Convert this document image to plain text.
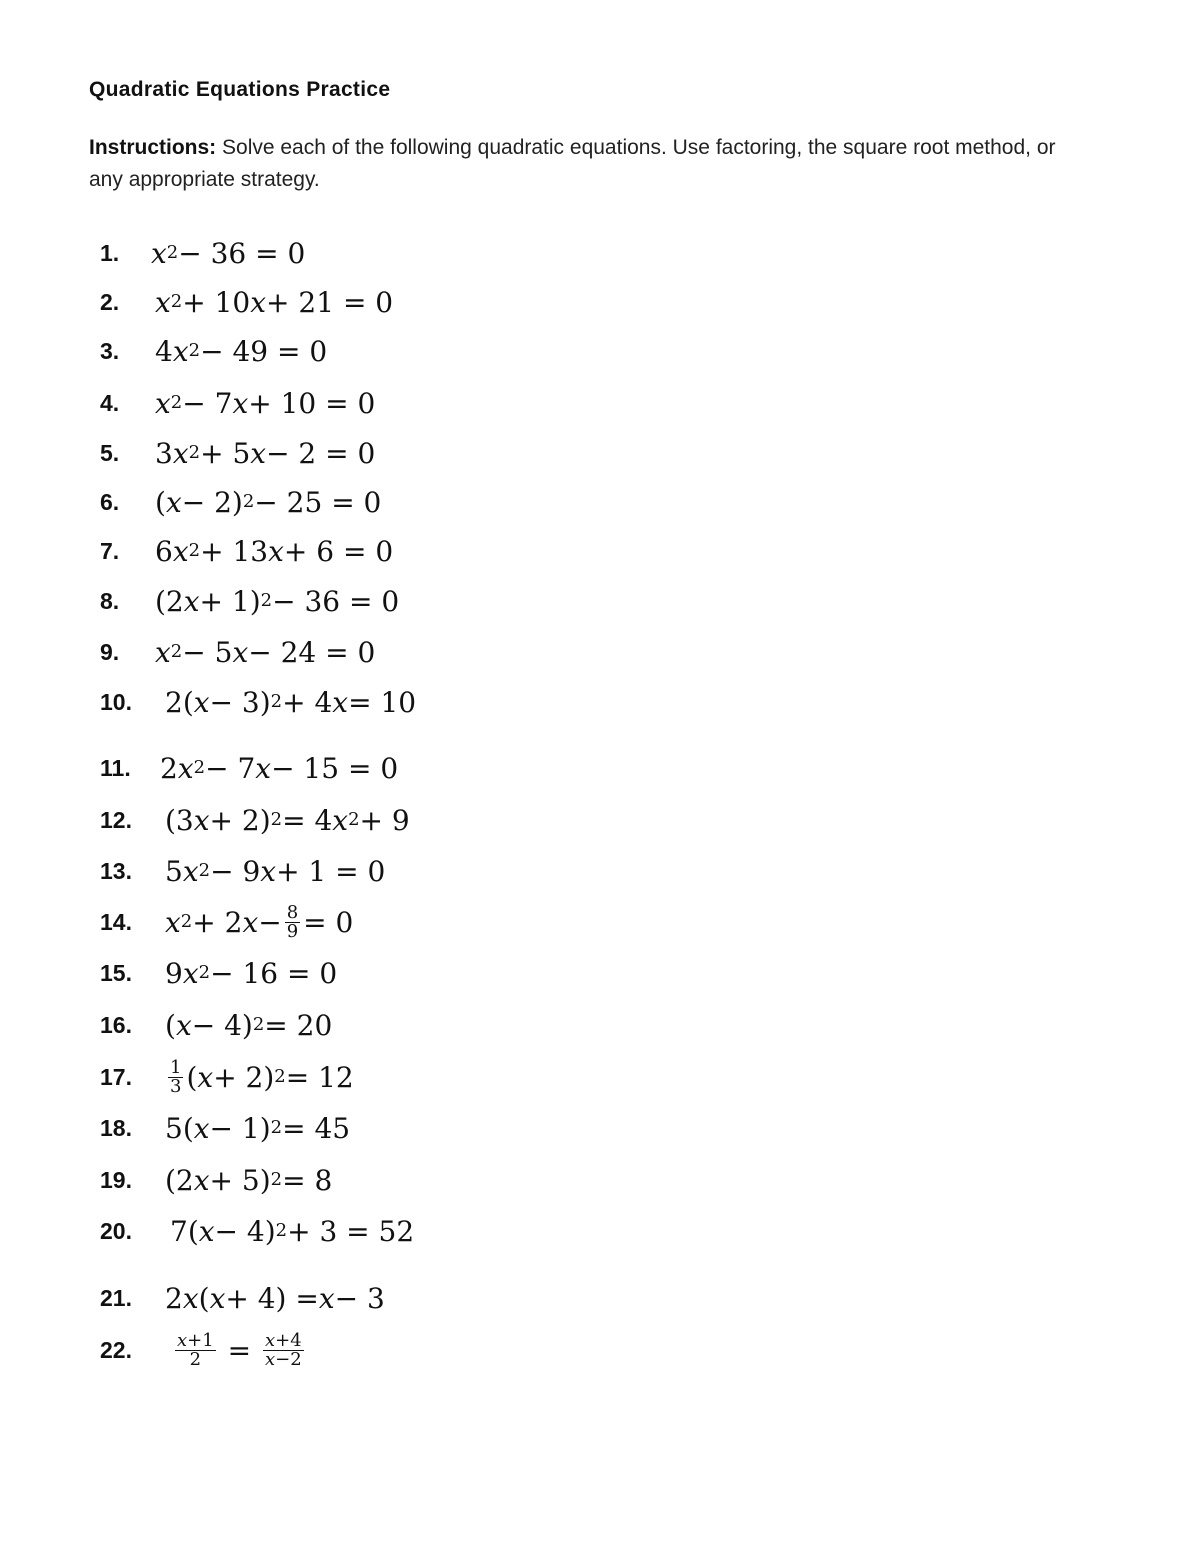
Quadratic Equations Practice
Instructions: Solve each of the following quadratic equations. Use factoring, the square root method, or any appropriate strategy.
1. x 2 − 36 = 0
2. x 2 + 10 x + 21 = 0
3. 4 x 2 − 49 = 0
4. x 2 − 7 x + 10 = 0
5. 3 x 2 + 5 x − 2 = 0
6. ( x − 2) 2 − 25 = 0
7. 6 x 2 + 13 x + 6 = 0
8. (2 x + 1) 2 − 36 = 0
9. x 2 − 5 x − 24 = 0
10. 2( x − 3) 2 + 4 x = 10
11. 2 x 2 − 7 x − 15 = 0
12. (3 x + 2) 2 = 4 x 2 + 9
13. 5 x 2 − 9 x + 1 = 0
14. x 2 + 2 $x - \frac{8}{9} = 0$
15. 9 x 2 − 16 = 0
16. ( x − 4) 2 = 20
17. $\frac{1}{3}$ ( x + 2) 2 = 12
18. 5( x − 1) 2 = 45
19. (2 x + 5) 2 = 8
20. 7( x − 4) 2 + 3 = 52
21. 2 x ( x + 4) = x − 3
22. $\frac{x+1}{2} = \frac{x+4}{x-2}$
